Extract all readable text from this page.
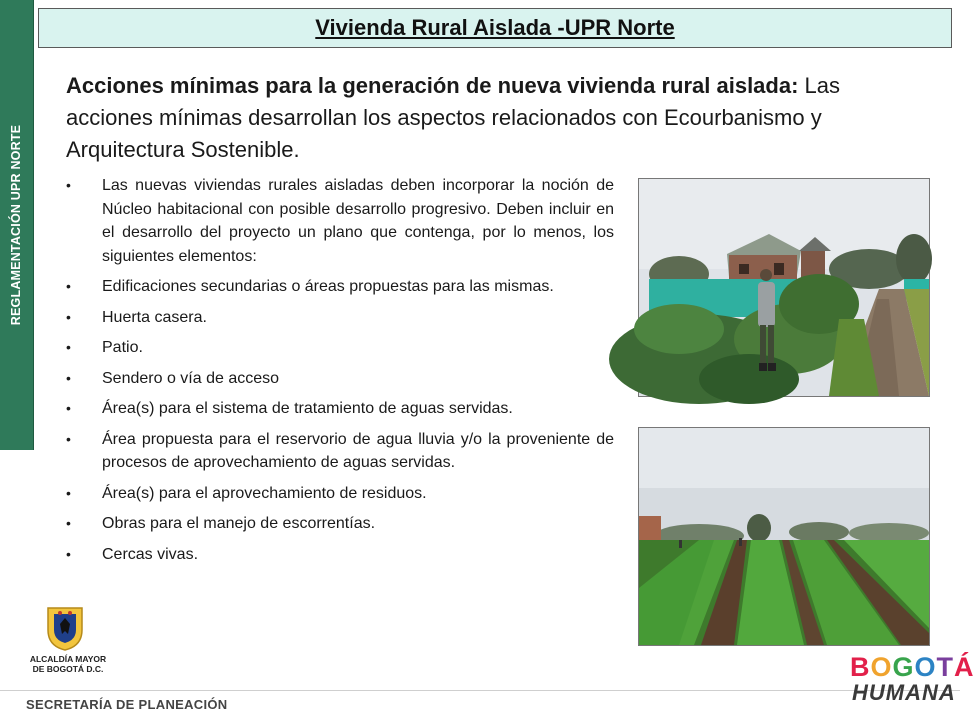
REGLAMENTACIÓN UPR NORTE
Vivienda Rural Aislada -UPR Norte
Acciones mínimas para la generación de nueva vivienda rural aislada: Las acciones mínimas desarrollan los aspectos relacionados con Ecourbanismo y Arquitectura Sostenible.
• Las nuevas viviendas rurales aisladas deben incorporar la noción de Núcleo habitacional con posible desarrollo progresivo. Deben incluir en el desarrollo del proyecto un plano que contenga, por lo menos, los siguientes elementos:
• Edificaciones secundarias o áreas propuestas para las mismas.
• Huerta casera.
• Patio.
• Sendero o vía de acceso
• Área(s) para el sistema de tratamiento de aguas servidas.
• Área propuesta para el reservorio de agua lluvia y/o la proveniente de procesos de aprovechamiento de aguas servidas.
• Área(s) para el aprovechamiento de residuos.
• Obras para el manejo de escorrentías.
• Cercas vivas.
ALCALDÍA MAYOR
DE BOGOTÁ D.C.
SECRETARÍA DE PLANEACIÓN
BOGOTÁ
HUMANA
